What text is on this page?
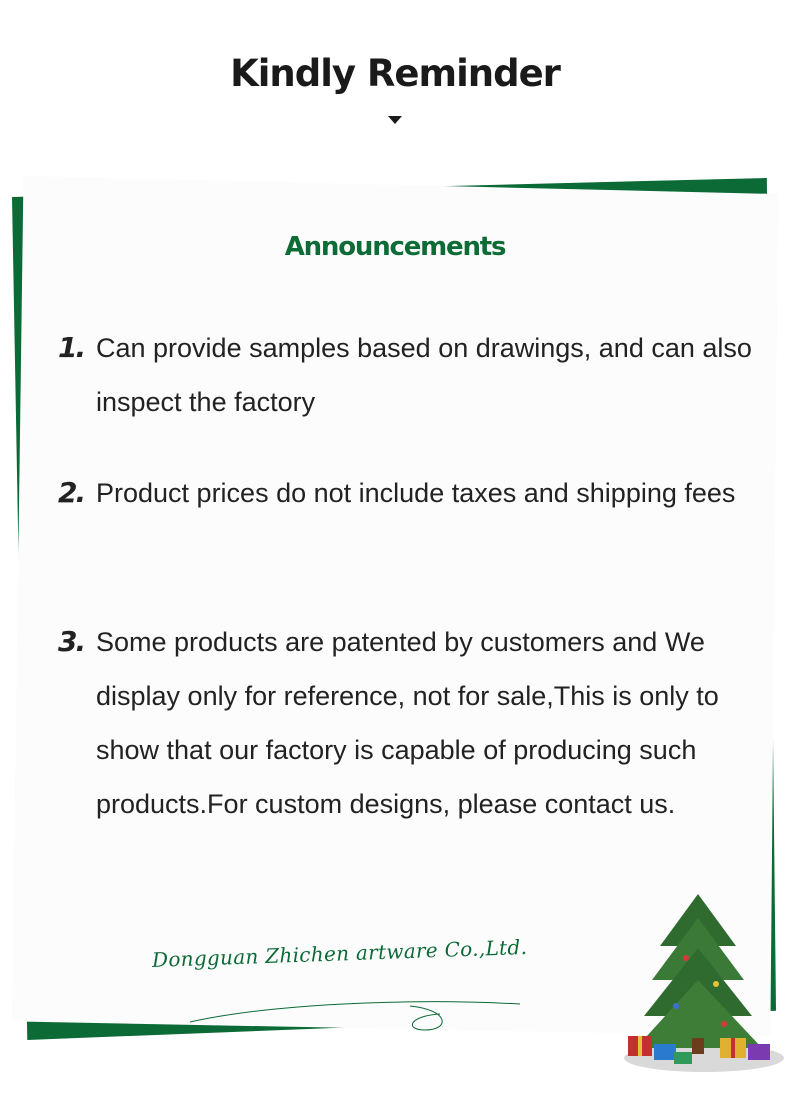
Kindly Reminder
Announcements
1. Can provide samples based on drawings, and can also inspect the factory
2. Product prices do not include taxes and shipping fees
3. Some products are patented by customers and We display only for reference, not for sale,This is only to show that our factory is capable of producing such products.For custom designs, please contact us.
Dongguan Zhichen artware Co.,Ltd.
